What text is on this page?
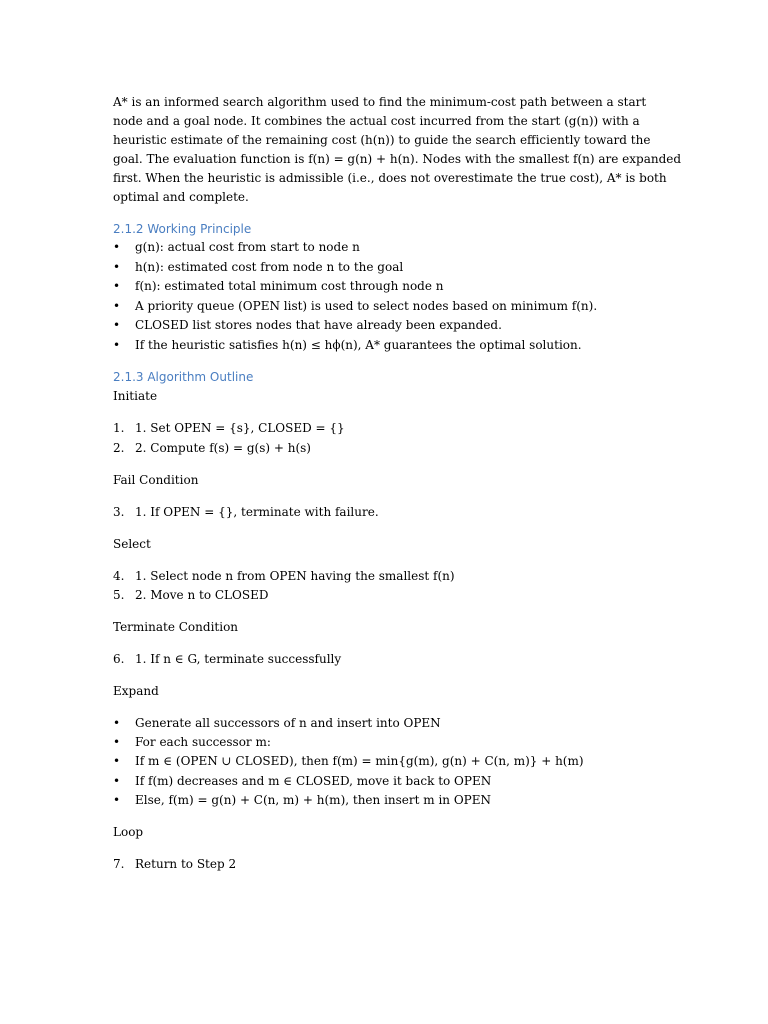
A* is an informed search algorithm used to find the minimum-cost path between a start
node and a goal node. It combines the actual cost incurred from the start (g(n)) with a
heuristic estimate of the remaining cost (h(n)) to guide the search efficiently toward the
goal. The evaluation function is f(n) = g(n) + h(n). Nodes with the smallest f(n) are expanded
first. When the heuristic is admissible (i.e., does not overestimate the true cost), A* is both
optimal and complete.
2.1.2 Working Principle
• g(n): actual cost from start to node n
• h(n): estimated cost from node n to the goal
• f(n): estimated total minimum cost through node n
• A priority queue (OPEN list) is used to select nodes based on minimum f(n).
• CLOSED list stores nodes that have already been expanded.
• If the heuristic satisfies h(n) ≤ hϕ(n), A* guarantees the optimal solution.
2.1.3 Algorithm Outline
Initiate
1. 1. Set OPEN = {s}, CLOSED = {}
2. 2. Compute f(s) = g(s) + h(s)
Fail Condition
3. 1. If OPEN = {}, terminate with failure.
Select
4. 1. Select node n from OPEN having the smallest f(n)
5. 2. Move n to CLOSED
Terminate Condition
6. 1. If n ∈ G, terminate successfully
Expand
• Generate all successors of n and insert into OPEN
• For each successor m:
• If m ∈ (OPEN ∪ CLOSED), then f(m) = min{g(m), g(n) + C(n, m)} + h(m)
• If f(m) decreases and m ∈ CLOSED, move it back to OPEN
• Else, f(m) = g(n) + C(n, m) + h(m), then insert m in OPEN
Loop
7. Return to Step 2
